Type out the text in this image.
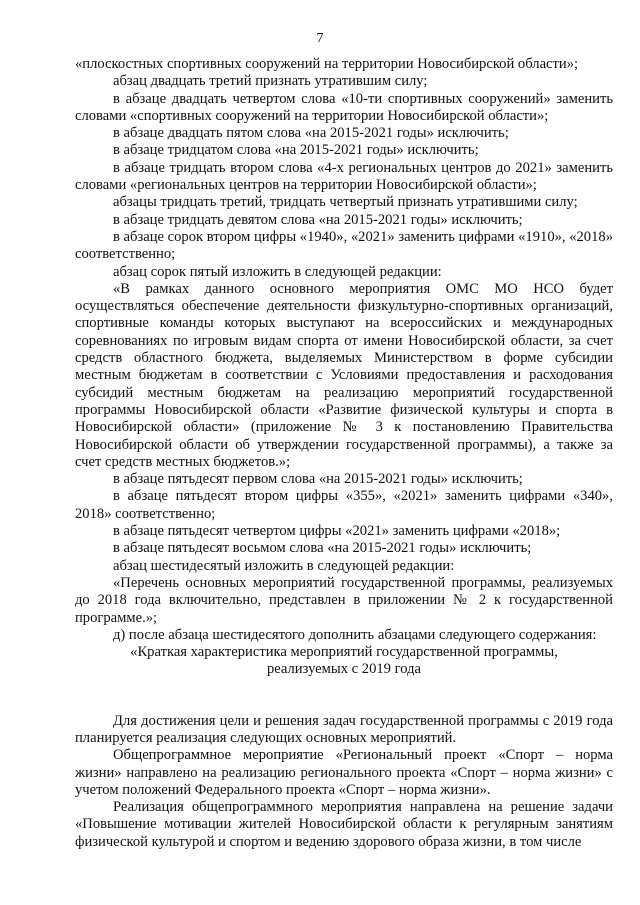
7

«плоскостных спортивных сооружений на территории Новосибирской области»;

абзац двадцать третий признать утратившим силу;

в абзаце двадцать четвертом слова «10-ти спортивных сооружений» заменить словами «спортивных сооружений на территории Новосибирской области»;

в абзаце двадцать пятом слова «на 2015-2021 годы» исключить;

в абзаце тридцатом слова «на 2015-2021 годы» исключить;

в абзаце тридцать втором слова «4-х региональных центров до 2021» заменить словами «региональных центров на территории Новосибирской области»;

абзацы тридцать третий, тридцать четвертый признать утратившими силу;

в абзаце тридцать девятом слова «на 2015-2021 годы» исключить;

в абзаце сорок втором цифры «1940», «2021» заменить цифрами «1910», «2018» соответственно;

абзац сорок пятый изложить в следующей редакции:

«В рамках данного основного мероприятия ОМС МО НСО будет осуществляться обеспечение деятельности физкультурно-спортивных организаций, спортивные команды которых выступают на всероссийских и международных соревнованиях по игровым видам спорта от имени Новосибирской области, за счет средств областного бюджета, выделяемых Министерством в форме субсидии местным бюджетам в соответствии с Условиями предоставления и расходования субсидий местным бюджетам на реализацию мероприятий государственной программы Новосибирской области «Развитие физической культуры и спорта в Новосибирской области» (приложение № 3 к постановлению Правительства Новосибирской области об утверждении государственной программы), а также за счет средств местных бюджетов.»;

в абзаце пятьдесят первом слова «на 2015-2021 годы» исключить;

в абзаце пятьдесят втором цифры «355», «2021» заменить цифрами «340», 2018» соответственно;

в абзаце пятьдесят четвертом цифры «2021» заменить цифрами «2018»;

в абзаце пятьдесят восьмом слова «на 2015-2021 годы» исключить;

абзац шестидесятый изложить в следующей редакции:

«Перечень основных мероприятий государственной программы, реализуемых до 2018 года включительно, представлен в приложении № 2 к государственной программе.»;

д) после абзаца шестидесятого дополнить абзацами следующего содержания:

«Краткая характеристика мероприятий государственной программы,

реализуемых с 2019 года

Для достижения цели и решения задач государственной программы с 2019 года планируется реализация следующих основных мероприятий.

Общепрограммное мероприятие «Региональный проект «Спорт – норма жизни» направлено на реализацию регионального проекта «Спорт – норма жизни» с учетом положений Федерального проекта «Спорт – норма жизни».

Реализация общепрограммного мероприятия направлена на решение задачи «Повышение мотивации жителей Новосибирской области к регулярным занятиям физической культурой и спортом и ведению здорового образа жизни, в том числе
